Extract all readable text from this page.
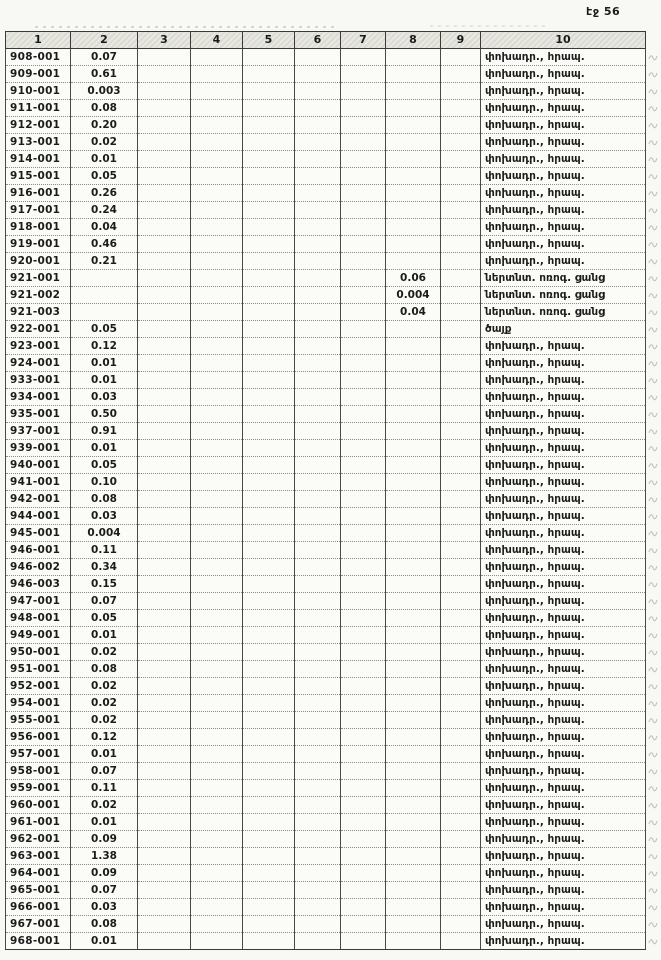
էջ 56
1	2	3	4	5	6	7	8	9	10	
908-001	0.07								փոխադր., հրապ.	
909-001	0.61								փոխադր., հրապ.	
910-001	0.003								փոխադր., հրապ.	
911-001	0.08								փոխադր., հրապ.	
912-001	0.20								փոխադր., հրապ.	
913-001	0.02								փոխադր., հրապ.	
914-001	0.01								փոխադր., հրապ.	
915-001	0.05								փոխադր., հրապ.	
916-001	0.26								փոխադր., հրապ.	
917-001	0.24								փոխադր., հրապ.	
918-001	0.04								փոխադր., հրապ.	
919-001	0.46								փոխադր., հրապ.	
920-001	0.21								փոխադր., հրապ.	
921-001							0.06		ներտնտ. ոռոգ. ցանց	
921-002							0.004		ներտնտ. ոռոգ. ցանց	
921-003							0.04		ներտնտ. ոռոգ. ցանց	
922-001	0.05								ծայք	
923-001	0.12								փոխադր., հրապ.	
924-001	0.01								փոխադր., հրապ.	
933-001	0.01								փոխադր., հրապ.	
934-001	0.03								փոխադր., հրապ.	
935-001	0.50								փոխադր., հրապ.	
937-001	0.91								փոխադր., հրապ.	
939-001	0.01								փոխադր., հրապ.	
940-001	0.05								փոխադր., հրապ.	
941-001	0.10								փոխադր., հրապ.	
942-001	0.08								փոխադր., հրապ.	
944-001	0.03								փոխադր., հրապ.	
945-001	0.004								փոխադր., հրապ.	
946-001	0.11								փոխադր., հրապ.	
946-002	0.34								փոխադր., հրապ.	
946-003	0.15								փոխադր., հրապ.	
947-001	0.07								փոխադր., հրապ.	
948-001	0.05								փոխադր., հրապ.	
949-001	0.01								փոխադր., հրապ.	
950-001	0.02								փոխադր., հրապ.	
951-001	0.08								փոխադր., հրապ.	
952-001	0.02								փոխադր., հրապ.	
954-001	0.02								փոխադր., հրապ.	
955-001	0.02								փոխադր., հրապ.	
956-001	0.12								փոխադր., հրապ.	
957-001	0.01								փոխադր., հրապ.	
958-001	0.07								փոխադր., հրապ.	
959-001	0.11								փոխադր., հրապ.	
960-001	0.02								փոխադր., հրապ.	
961-001	0.01								փոխադր., հրապ.	
962-001	0.09								փոխադր., հրապ.	
963-001	1.38								փոխադր., հրապ.	
964-001	0.09								փոխադր., հրապ.	
965-001	0.07								փոխադր., հրապ.	
966-001	0.03								փոխադր., հրապ.	
967-001	0.08								փոխադր., հրապ.	
968-001	0.01								փոխադր., հրապ.	
